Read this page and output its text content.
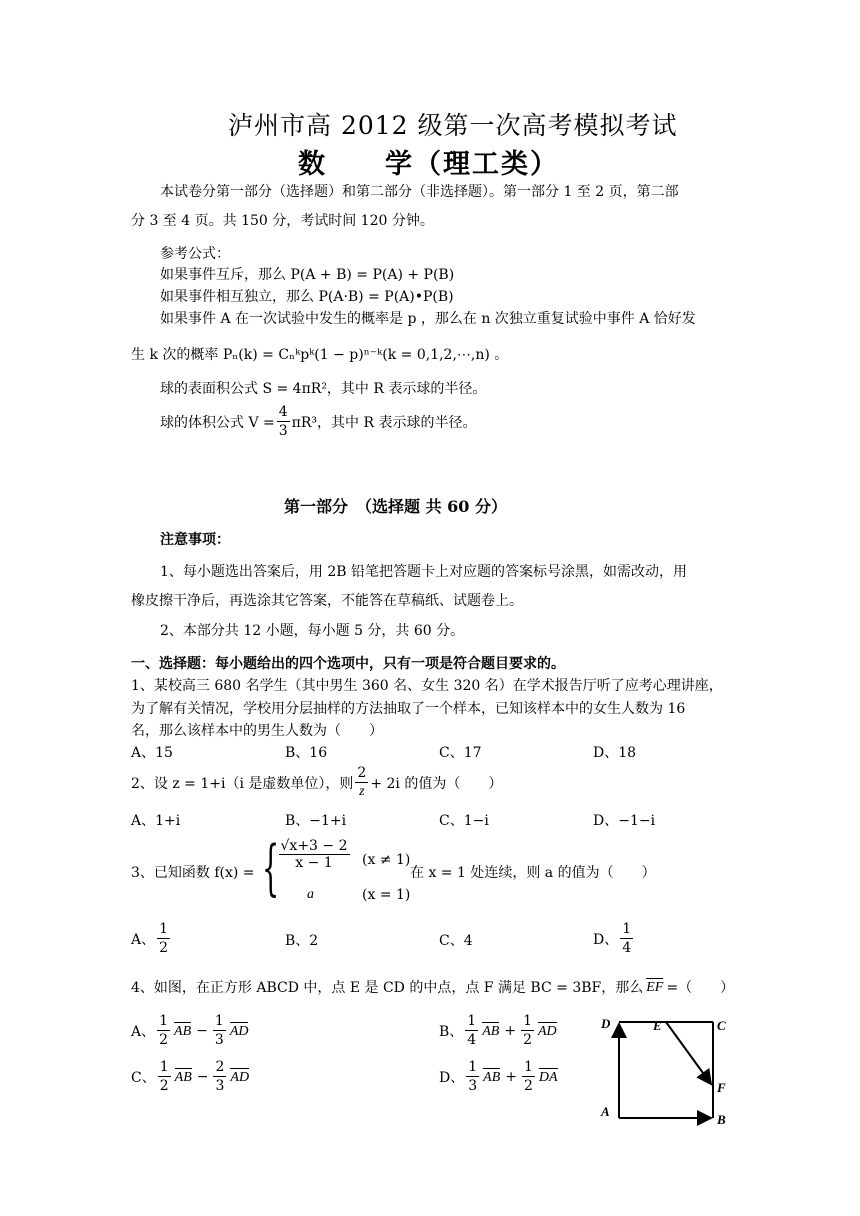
泸州市高 2012 级第一次高考模拟考试
数　　学（理工类）
本试卷分第一部分（选择题）和第二部分（非选择题）。第一部分 1 至 2 页，第二部
分 3 至 4 页。共 150 分，考试时间 120 分钟。
参考公式：
如果事件互斥，那么 P(A + B) = P(A) + P(B)
如果事件相互独立，那么 P(A·B) = P(A)•P(B)
如果事件 A 在一次试验中发生的概率是 p ，那么在 n 次独立重复试验中事件 A 恰好发
生 k 次的概率 Pₙ(k) = Cₙᵏpᵏ(1 − p)ⁿ⁻ᵏ(k = 0,1,2,⋯,n) 。
球的表面积公式 S = 4πR²，其中 R 表示球的半径。
球的体积公式 $V = \frac{4}{3} \pi R^3$，其中 R 表示球的半径。
第一部分　（选择题 共 60 分）
注意事项：
1、每小题选出答案后，用 2B 铅笔把答题卡上对应题的答案标号涂黑，如需改动，用
橡皮擦干净后，再选涂其它答案，不能答在草稿纸、试题卷上。
2、本部分共 12 小题，每小题 5 分，共 60 分。
一、选择题：每小题给出的四个选项中，只有一项是符合题目要求的。
1、某校高三 680 名学生（其中男生 360 名、女生 320 名）在学术报告厅听了应考心理讲座，
为了解有关情况，学校用分层抽样的方法抽取了一个样本，已知该样本中的女生人数为 16
名，那么该样本中的男生人数为（　　）
A、15	B、16	C、17	D、18
2、设 z = 1+i（i 是虚数单位），则 $\frac{2}{z} + 2i$ 的值为（　　）
A、1+i	B、−1+i	C、1−i	D、−1−i
3、已知函数 f(x) = {
$\frac{√x+3 - 2}{x - 1} (x \ne 1)$
a	(x = 1)
在 x = 1 处连续，则 a 的值为（　　）
A、 $\frac{1}{2}$	B、2	C、4	D、 $\frac{1}{4}$
4、如图，在正方形 ABCD 中，点 E 是 CD 的中点，点 F 满足 BC = 3BF，那么 EF =（　　）
A、 $\frac{1}{2}$ AB − $\frac{1}{3}$ AD	B、 $\frac{1}{4}$ AB + $\frac{1}{2}$ AD
C、 $\frac{1}{2}$ AB − $\frac{2}{3}$ AD	D、 $\frac{1}{3}$ AB + $\frac{1}{2}$ DA
D	E	C
F
A
B
